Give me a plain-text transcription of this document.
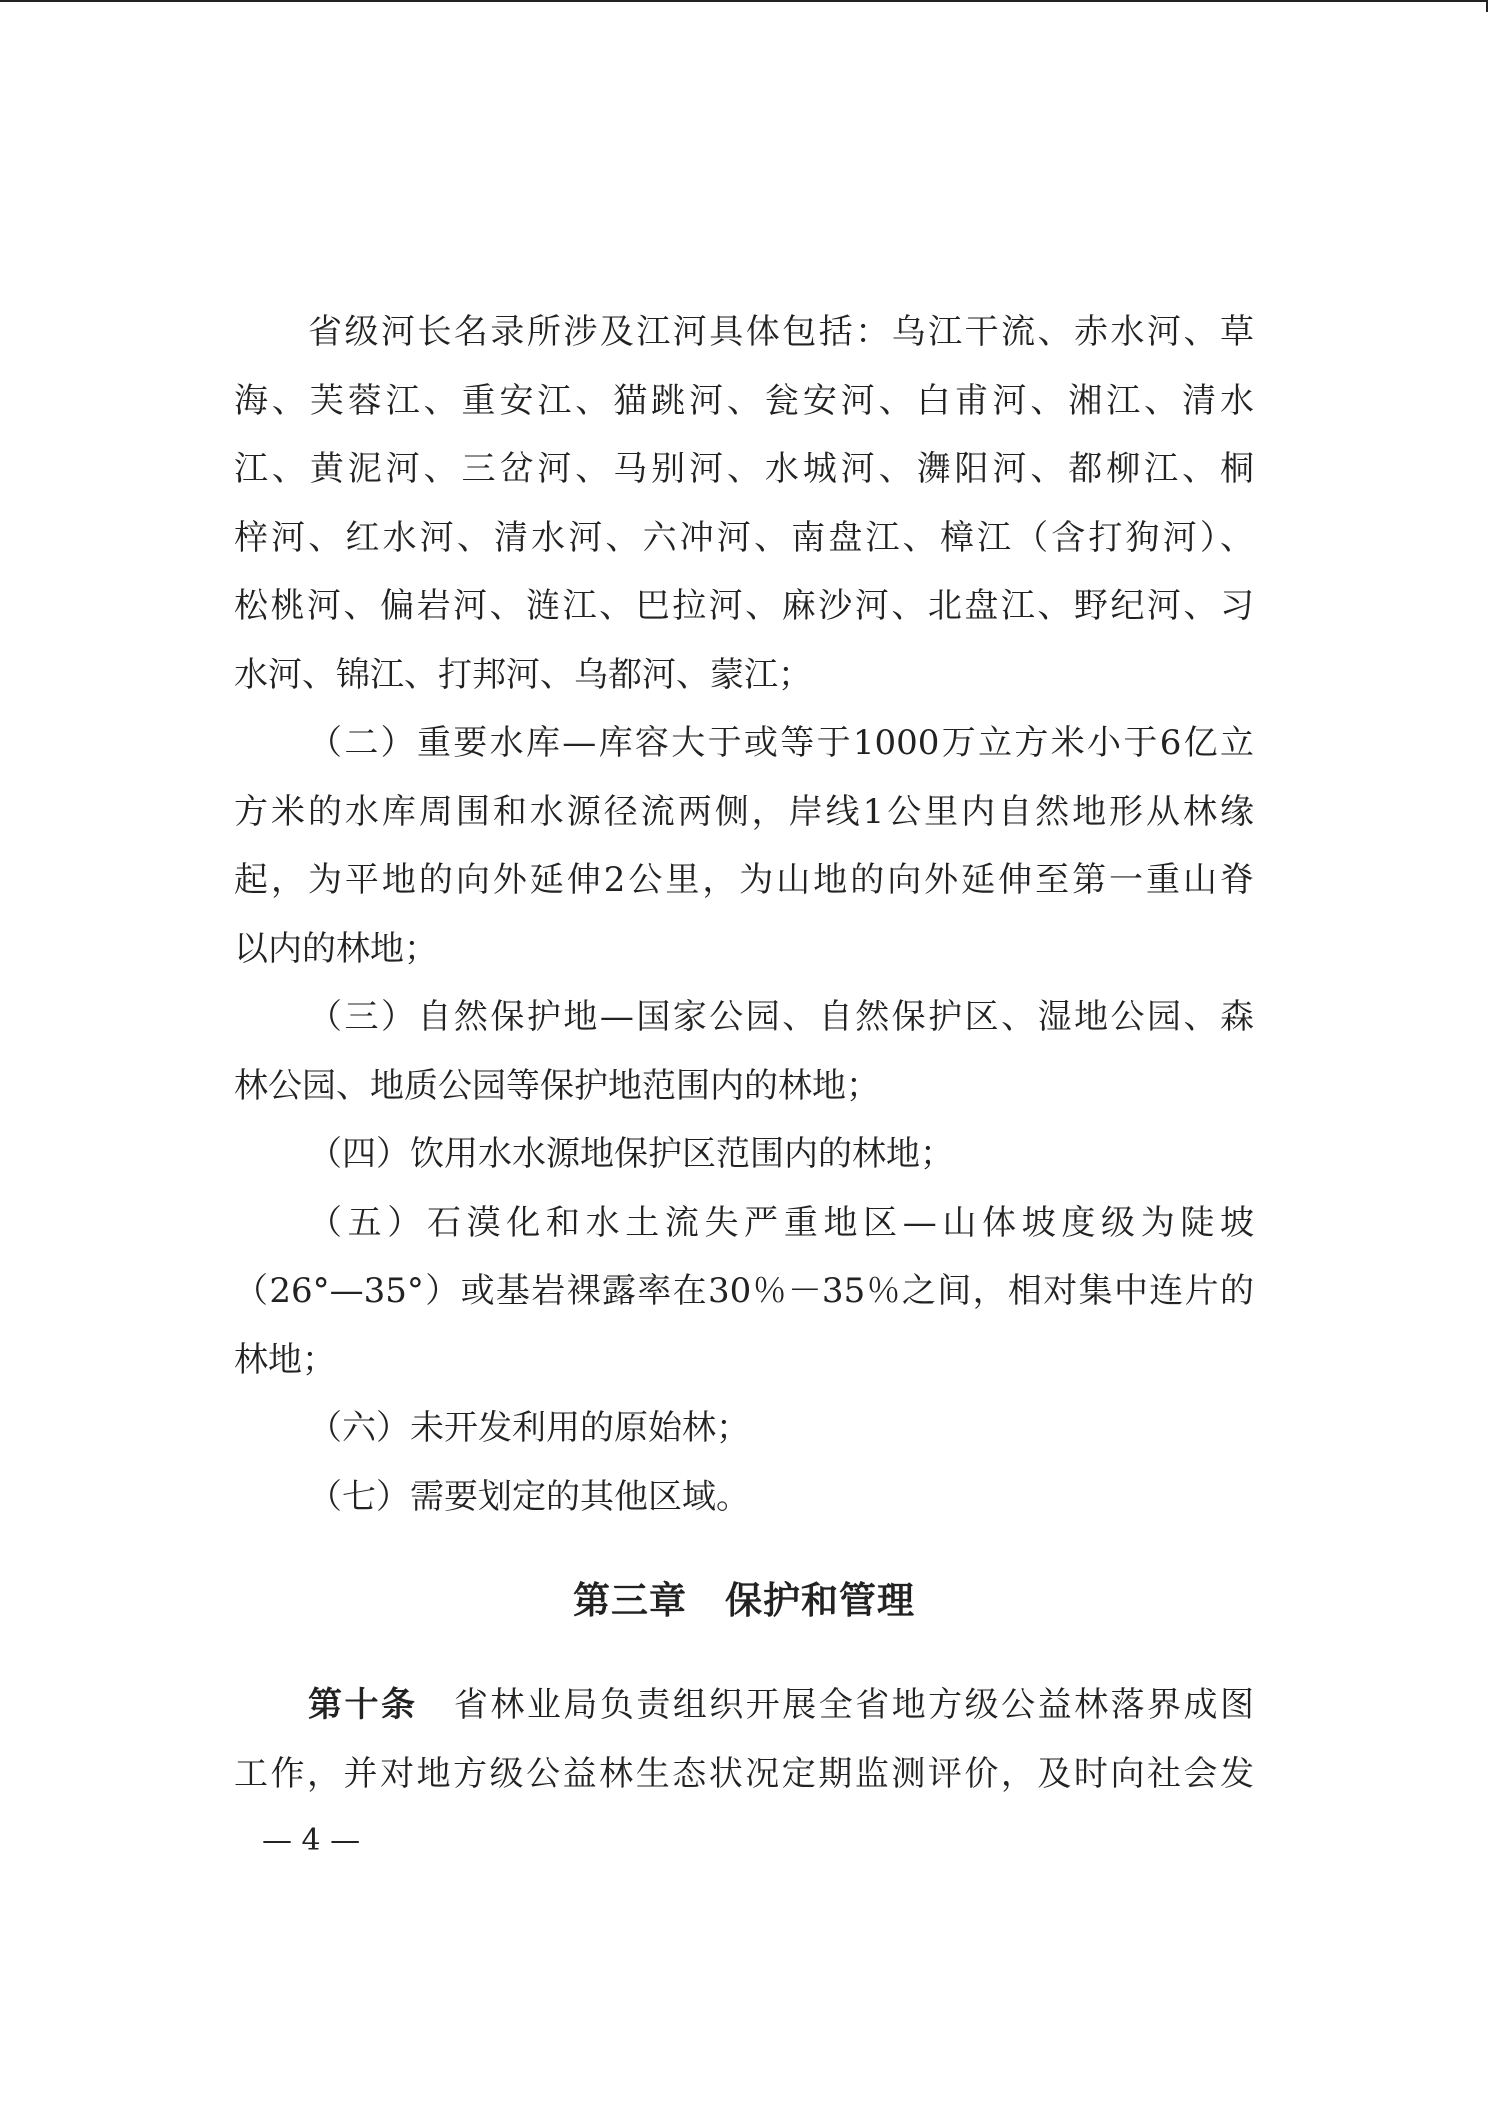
省级河长名录所涉及江河具体包括：乌江干流、赤水河、草
海、芙蓉江、重安江、猫跳河、瓮安河、白甫河、湘江、清水
江、黄泥河、三岔河、马别河、水城河、㵲阳河、都柳江、桐
梓河、红水河、清水河、六冲河、南盘江、樟江（含打狗河）、
松桃河、偏岩河、涟江、巴拉河、麻沙河、北盘江、野纪河、习
水河、锦江、打邦河、乌都河、蒙江；
（二）重要水库—库容大于或等于1000万立方米小于6亿立
方米的水库周围和水源径流两侧，岸线1公里内自然地形从林缘
起，为平地的向外延伸2公里，为山地的向外延伸至第一重山脊
以内的林地；
（三）自然保护地—国家公园、自然保护区、湿地公园、森
林公园、地质公园等保护地范围内的林地；
（四）饮用水水源地保护区范围内的林地；
（五）石漠化和水土流失严重地区—山体坡度级为陡坡
（26°—35°）或基岩裸露率在30％－35％之间，相对集中连片的
林地；
（六）未开发利用的原始林；
（七）需要划定的其他区域。
第三章　保护和管理
第十条 省林业局负责组织开展全省地方级公益林落界成图
工作，并对地方级公益林生态状况定期监测评价，及时向社会发
— 4 —
